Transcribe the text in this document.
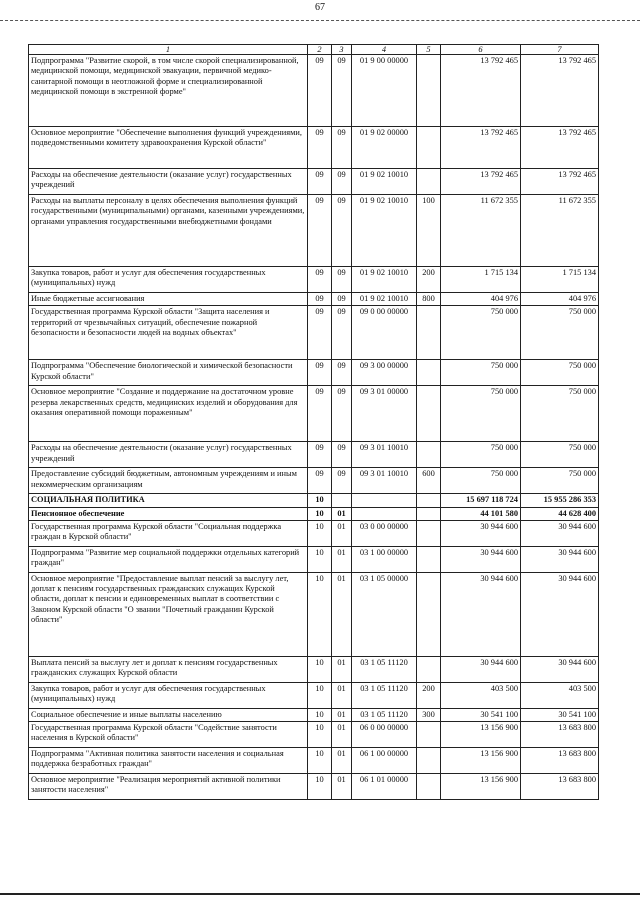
67
1	2	3	4	5	6	7
Подпрограмма "Развитие скорой, в том числе скорой специализированной, медицинской помощи, медицинской эвакуации, первичной медико-санитарной помощи в неотложной форме и специализированной медицинской помощи в экстренной форме"	09	09	01 9 00 00000		13 792 465	13 792 465
Основное мероприятие "Обеспечение выполнения функций учреждениями, подведомственными комитету здравоохранения Курской области"	09	09	01 9 02 00000		13 792 465	13 792 465
Расходы на обеспечение деятельности (оказание услуг) государственных учреждений	09	09	01 9 02 10010		13 792 465	13 792 465
Расходы на выплаты персоналу в целях обеспечения выполнения функций государственными (муниципальными) органами, казенными учреждениями, органами управления государственными внебюджетными фондами	09	09	01 9 02 10010	100	11 672 355	11 672 355
Закупка товаров, работ и услуг для обеспечения государственных (муниципальных) нужд	09	09	01 9 02 10010	200	1 715 134	1 715 134
Иные бюджетные ассигнования	09	09	01 9 02 10010	800	404 976	404 976
Государственная программа Курской области "Защита населения и территорий от чрезвычайных ситуаций, обеспечение пожарной безопасности и безопасности людей на водных объектах"	09	09	09 0 00 00000		750 000	750 000
Подпрограмма "Обеспечение биологической и химической безопасности Курской области"	09	09	09 3 00 00000		750 000	750 000
Основное мероприятие "Создание и поддержание на достаточном уровне резерва лекарственных средств, медицинских изделий и оборудования для оказания оперативной помощи пораженным"	09	09	09 3 01 00000		750 000	750 000
Расходы на обеспечение деятельности (оказание услуг) государственных учреждений	09	09	09 3 01 10010		750 000	750 000
Предоставление субсидий бюджетным, автономным учреждениям и иным некоммерческим организациям	09	09	09 3 01 10010	600	750 000	750 000
СОЦИАЛЬНАЯ ПОЛИТИКА	10				15 697 118 724	15 955 286 353
Пенсионное обеспечение	10	01			44 101 580	44 628 400
Государственная программа Курской области "Социальная поддержка граждан в Курской области"	10	01	03 0 00 00000		30 944 600	30 944 600
Подпрограмма "Развитие мер социальной поддержки отдельных категорий граждан"	10	01	03 1 00 00000		30 944 600	30 944 600
Основное мероприятие "Предоставление выплат пенсий за выслугу лет, доплат к пенсиям государственных гражданских служащих Курской области, доплат к пенсии и единовременных выплат в соответствии с Законом Курской области "О звании "Почетный гражданин Курской области"	10	01	03 1 05 00000		30 944 600	30 944 600
Выплата пенсий за выслугу лет и доплат к пенсиям государственных гражданских служащих Курской области	10	01	03 1 05 11120		30 944 600	30 944 600
Закупка товаров, работ и услуг для обеспечения государственных (муниципальных) нужд	10	01	03 1 05 11120	200	403 500	403 500
Социальное обеспечение и иные выплаты населению	10	01	03 1 05 11120	300	30 541 100	30 541 100
Государственная программа Курской области "Содействие занятости населения в Курской области"	10	01	06 0 00 00000		13 156 900	13 683 800
Подпрограмма "Активная политика занятости населения и социальная поддержка безработных граждан"	10	01	06 1 00 00000		13 156 900	13 683 800
Основное мероприятие "Реализация мероприятий активной политики занятости населения"	10	01	06 1 01 00000		13 156 900	13 683 800
